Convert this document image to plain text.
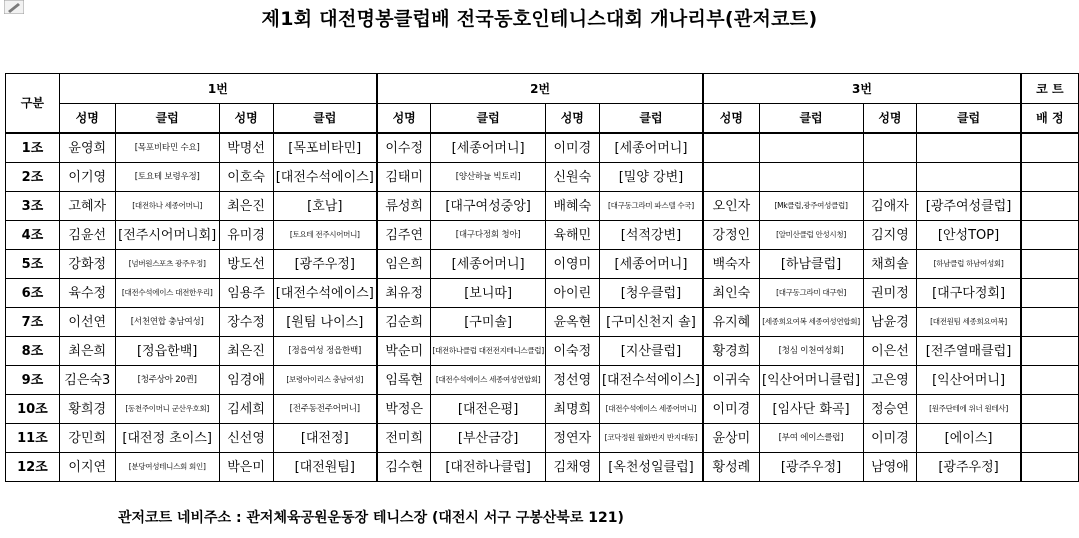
제1회 대전명봉클럽배 전국동호인테니스대회 개나리부(관저코트)
구분	1번				2번				3번				코 트
	성명	클럽	성명	클럽	성명	클럽	성명	클럽	성명	클럽	성명	클럽	배 정
1조	윤영희	[목포비타민 수요]	박명선	[목포비타민]	이수정	[세종어머니]	이미경	[세종어머니]					
2조	이기영	[토요테 보령우정]	이호숙	[대전수석에이스]	김태미	[양산하늘 빅토리]	신원숙	[밀양 강변]					
3조	고혜자	[대전하나 세종어머니]	최은진	[호남]	류성희	[대구여성중앙]	배혜숙	[대구동그라미 파스텔 수국]	오인자	[Mk클럽,광주여성클럽]	김애자	[광주여성클럽]	
4조	김윤선	[전주시어머니회]	유미경	[토요테 전주시어머니]	김주연	[대구다정회 청아]	육해민	[석적강변]	강정인	[알미산클럽 안성시청]	김지영	[안성TOP]	
5조	강화정	[넘버원스포츠 광주우정]	방도선	[광주우정]	임은희	[세종어머니]	이영미	[세종어머니]	백숙자	[하남클럽]	채희솔	[하남클럽 하남여성회]	
6조	육수정	[대전수석에이스 대전한우리]	임용주	[대전수석에이스]	최유정	[보니따]	아이린	[청우클럽]	최인숙	[대구동그라미 대구현]	권미정	[대구다정회]	
7조	이선연	[서천연합 충남여성]	장수정	[원팀 나이스]	김순희	[구미솔]	윤옥현	[구미신천지 솔]	유지혜	[세종희요여복 세종여성연합회]	남윤경	[대전원팀 세종희요여복]	
8조	최은희	[정읍한백]	최은진	[정읍여성 정읍한백]	박순미	[대전하나클럽 대전전지테니스클럽]	이숙정	[지산클럽]	황경희	[청심 이천여성회]	이은선	[전주열매클럽]	
9조	김은숙3	[청주상아 20퀸]	임경애	[보령아이리스 충남여성]	임록현	[대전수석에이스 세종여성연합회]	정선영	[대전수석에이스]	이귀숙	[익산어머니클럽]	고은영	[익산어머니]	
10조	황희경	[동천주이머니 군산우호회]	김세희	[전주동전주어머니]	박정은	[대전은평]	최명희	[대전수석에이스 세종어머니]	이미경	[임사단 화곡]	정승연	[원주단테에 위너 원테사]	
11조	강민희	[대전정 초이스]	신선영	[대전정]	전미희	[부산금강]	정연자	[코닥정원 월화반지 반지대동]	윤상미	[부여 에이스클럽]	이미경	[에이스]	
12조	이지연	[분당여성테니스회 회인]	박은미	[대전원팀]	김수현	[대전하나클럽]	김채영	[옥천성일클럽]	황성례	[광주우정]	남영애	[광주우정]	
관저코트 네비주소 : 관저체육공원운동장 테니스장 (대전시 서구 구봉산북로 121)
